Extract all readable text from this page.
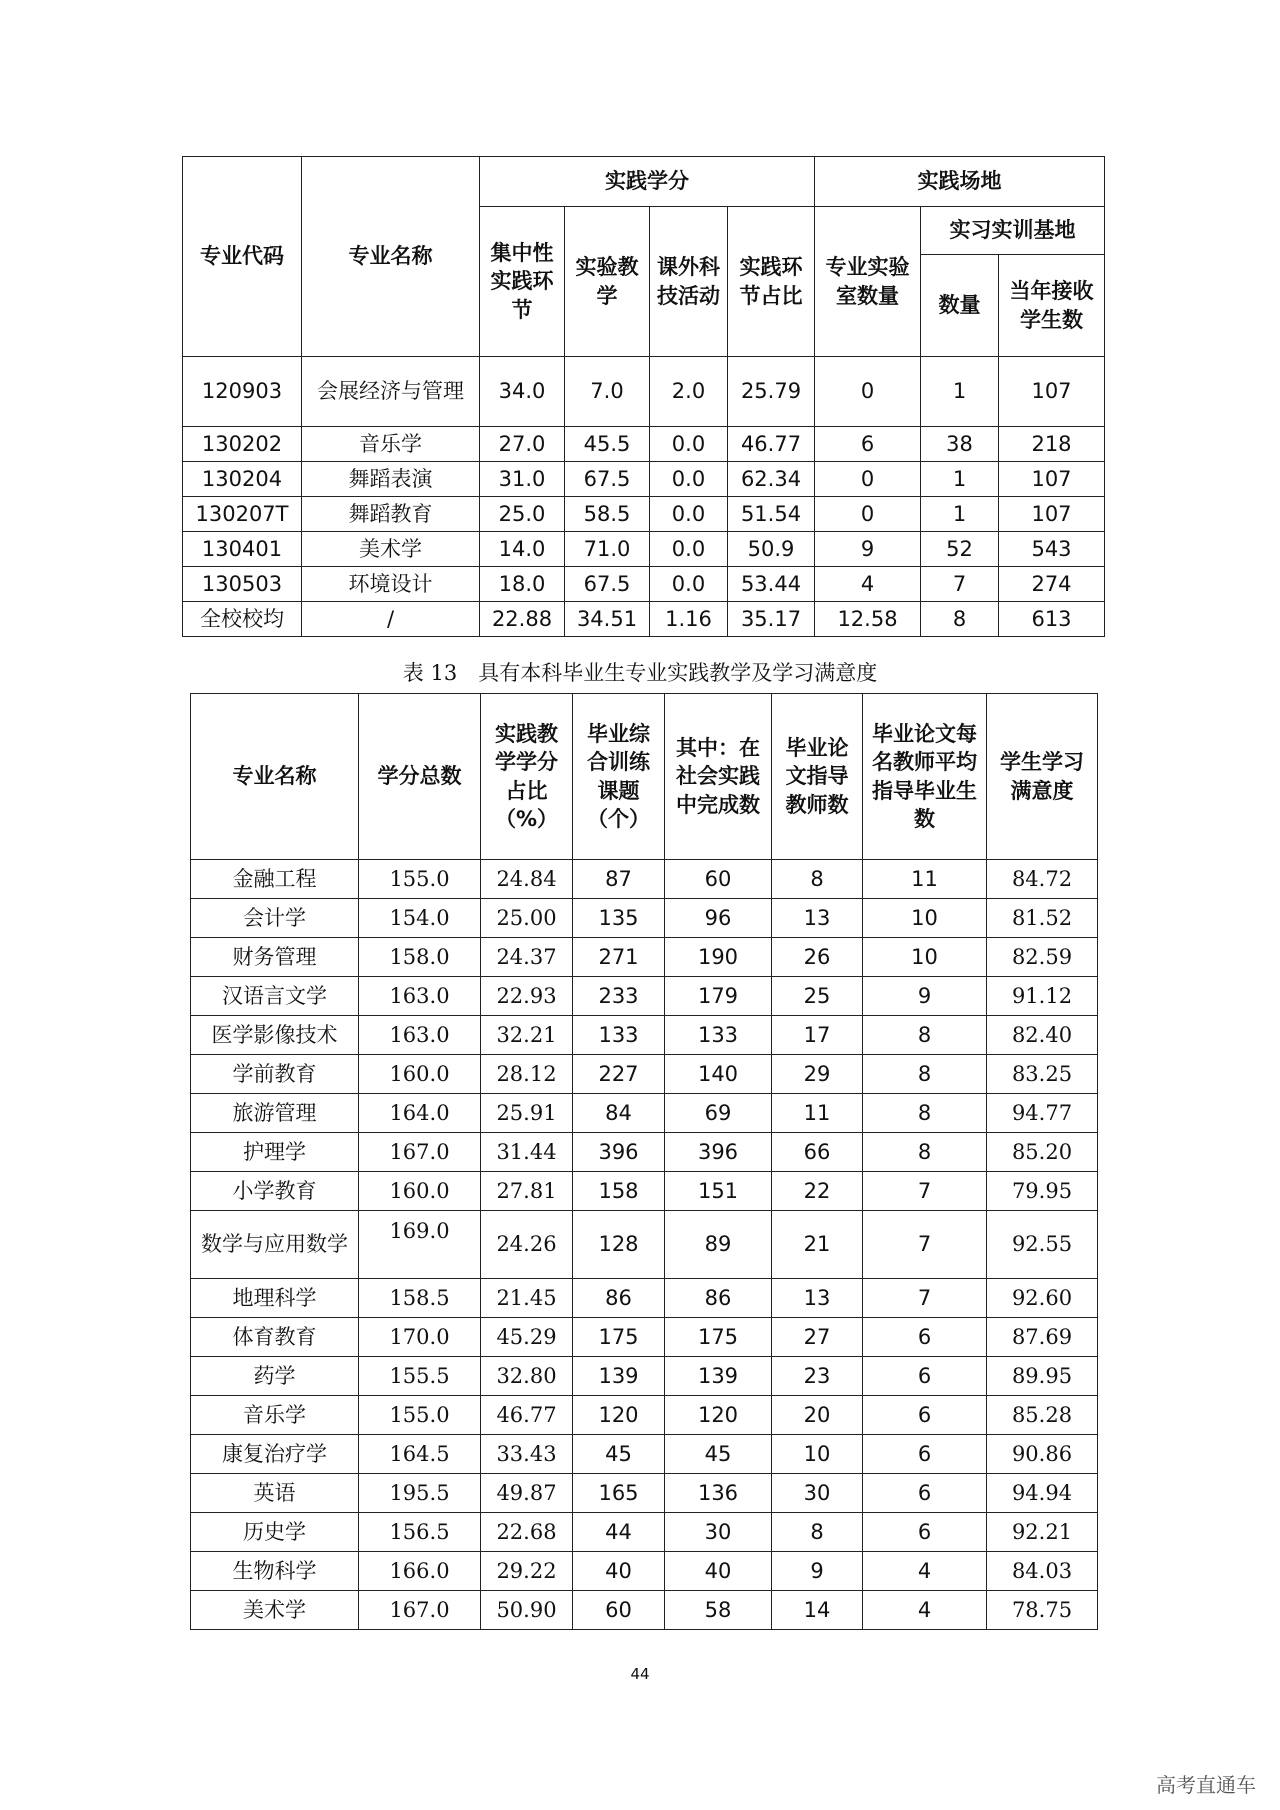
专业代码	专业名称	实践学分				实践场地		
		集中性实践环节	实验教学	课外科技活动	实践环节占比	专业实验室数量	实习实训基地	
							数量	当年接收学生数
120903	会展经济与管理	34.0	7.0	2.0	25.79	0	1	107
130202	音乐学	27.0	45.5	0.0	46.77	6	38	218
130204	舞蹈表演	31.0	67.5	0.0	62.34	0	1	107
130207T	舞蹈教育	25.0	58.5	0.0	51.54	0	1	107
130401	美术学	14.0	71.0	0.0	50.9	9	52	543
130503	环境设计	18.0	67.5	0.0	53.44	4	7	274
全校校均	/	22.88	34.51	1.16	35.17	12.58	8	613
表 13　具有本科毕业生专业实践教学及学习满意度
专业名称	学分总数	实践教学学分占比（%）	毕业综合训练课题（个）	其中：在社会实践中完成数	毕业论文指导教师数	毕业论文每名教师平均指导毕业生数	学生学习满意度
金融工程	155.0	24.84	87	60	8	11	84.72
会计学	154.0	25.00	135	96	13	10	81.52
财务管理	158.0	24.37	271	190	26	10	82.59
汉语言文学	163.0	22.93	233	179	25	9	91.12
医学影像技术	163.0	32.21	133	133	17	8	82.40
学前教育	160.0	28.12	227	140	29	8	83.25
旅游管理	164.0	25.91	84	69	11	8	94.77
护理学	167.0	31.44	396	396	66	8	85.20
小学教育	160.0	27.81	158	151	22	7	79.95
数学与应用数学	169.0	24.26	128	89	21	7	92.55
地理科学	158.5	21.45	86	86	13	7	92.60
体育教育	170.0	45.29	175	175	27	6	87.69
药学	155.5	32.80	139	139	23	6	89.95
音乐学	155.0	46.77	120	120	20	6	85.28
康复治疗学	164.5	33.43	45	45	10	6	90.86
英语	195.5	49.87	165	136	30	6	94.94
历史学	156.5	22.68	44	30	8	6	92.21
生物科学	166.0	29.22	40	40	9	4	84.03
美术学	167.0	50.90	60	58	14	4	78.75
44
高考直通车
